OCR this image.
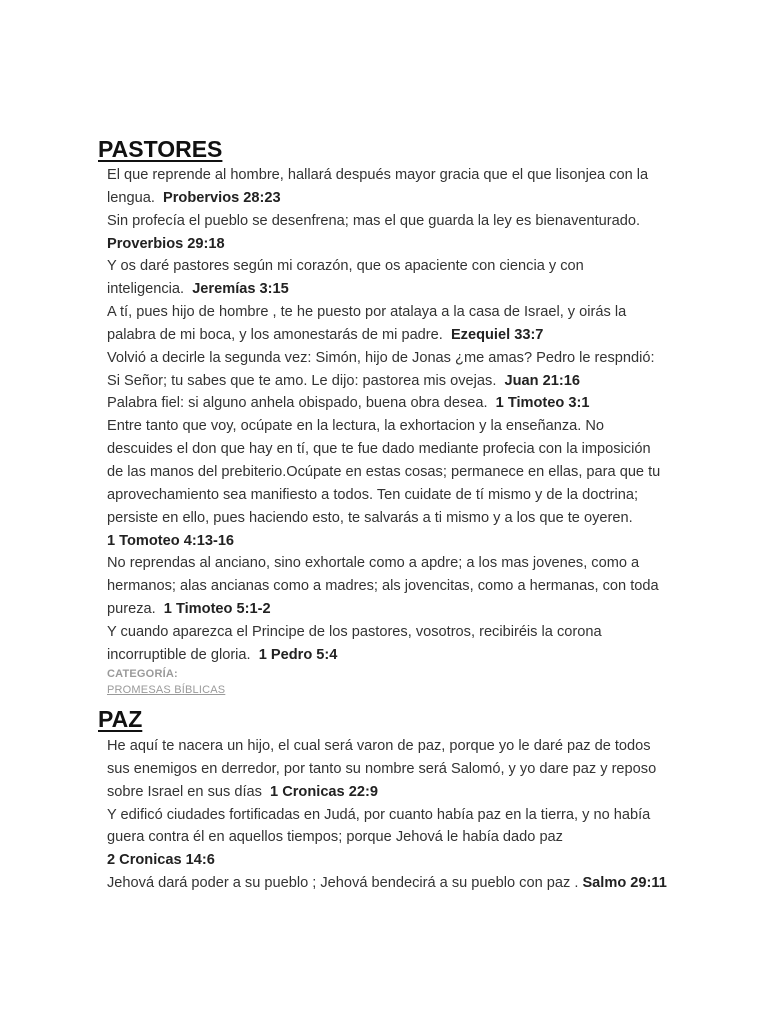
PASTORES

El que reprende al hombre, hallará después mayor gracia que el que lisonjea con la lengua. Probervios 28:23

Sin profecía el pueblo se desenfrena; mas el que guarda la ley es bienaventurado.  Proverbios 29:18

Y os daré pastores según mi corazón, que os apaciente con ciencia y con inteligencia. Jeremías 3:15

A tí, pues hijo de hombre , te he puesto por atalaya a la casa de Israel, y oirás la palabra de mi boca, y los amonestarás de mi padre. Ezequiel 33:7

Volvió a decirle la segunda vez: Simón, hijo de Jonas ¿me amas? Pedro le respndió: Si Señor; tu sabes que te amo. Le dijo: pastorea mis ovejas. Juan 21:16

Palabra fiel: si alguno anhela obispado, buena obra desea. 1 Timoteo 3:1

Entre tanto que voy, ocúpate en la lectura, la exhortacion y la enseñanza. No descuides el don que hay en tí, que te fue dado mediante profecia con la imposición de las manos del prebiterio.Ocúpate en estas cosas; permanece en ellas, para que tu aprovechamiento sea manifiesto a todos. Ten cuidate de tí mismo y de la doctrina; persiste en ello, pues haciendo esto, te salvarás a ti mismo y a los que te oyeren.  1 Tomoteo 4:13-16

No reprendas al anciano, sino exhortale como a apdre; a los mas jovenes, como a hermanos; alas ancianas como a madres; als jovencitas, como a hermanas, con toda pureza. 1 Timoteo 5:1-2

Y cuando aparezca el Principe de los pastores, vosotros, recibiréis la corona incorruptible de gloria. 1 Pedro 5:4

CATEGORÍA:
PROMESAS BÍBLICAS
PAZ

He aquí te nacera un hijo, el cual será varon de paz, porque yo le daré paz de todos sus enemigos en derredor, por tanto su nombre será Salomó, y yo dare paz y reposo sobre Israel en sus días 1 Cronicas 22:9

Y edificó ciudades fortificadas en Judá, por cuanto había paz en la tierra, y no había guera contra él en aquellos tiempos; porque Jehová le había dado paz  2 Cronicas 14:6

Jehová dará poder a su pueblo ; Jehová bendecirá a su pueblo con paz . Salmo 29:11
